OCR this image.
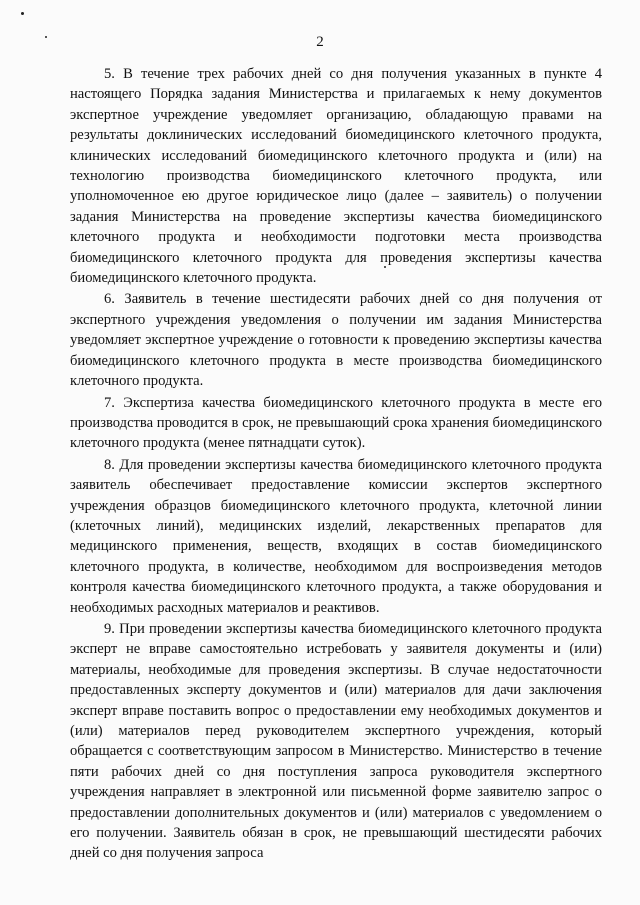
2

5. В течение трех рабочих дней со дня получения указанных в пункте 4 настоящего Порядка задания Министерства и прилагаемых к нему документов экспертное учреждение уведомляет организацию, обладающую правами на результаты доклинических исследований биомедицинского клеточного продукта, клинических исследований биомедицинского клеточного продукта и (или) на технологию производства биомедицинского клеточного продукта, или уполномоченное ею другое юридическое лицо (далее – заявитель) о получении задания Министерства на проведение экспертизы качества биомедицинского клеточного продукта и необходимости подготовки места производства биомедицинского клеточного продукта для проведения экспертизы качества биомедицинского клеточного продукта.

6. Заявитель в течение шестидесяти рабочих дней со дня получения от экспертного учреждения уведомления о получении им задания Министерства уведомляет экспертное учреждение о готовности к проведению экспертизы качества биомедицинского клеточного продукта в месте производства биомедицинского клеточного продукта.

7. Экспертиза качества биомедицинского клеточного продукта в месте его производства проводится в срок, не превышающий срока хранения биомедицинского клеточного продукта (менее пятнадцати суток).

8. Для проведении экспертизы качества биомедицинского клеточного продукта заявитель обеспечивает предоставление комиссии экспертов экспертного учреждения образцов биомедицинского клеточного продукта, клеточной линии (клеточных линий), медицинских изделий, лекарственных препаратов для медицинского применения, веществ, входящих в состав биомедицинского клеточного продукта, в количестве, необходимом для воспроизведения методов контроля качества биомедицинского клеточного продукта, а также оборудования и необходимых расходных материалов и реактивов.

9. При проведении экспертизы качества биомедицинского клеточного продукта эксперт не вправе самостоятельно истребовать у заявителя документы и (или) материалы, необходимые для проведения экспертизы. В случае недостаточности предоставленных эксперту документов и (или) материалов для дачи заключения эксперт вправе поставить вопрос о предоставлении ему необходимых документов и (или) материалов перед руководителем экспертного учреждения, который обращается с соответствующим запросом в Министерство. Министерство в течение пяти рабочих дней со дня поступления запроса руководителя экспертного учреждения направляет в электронной или письменной форме заявителю запрос о предоставлении дополнительных документов и (или) материалов с уведомлением о его получении. Заявитель обязан в срок, не превышающий шестидесяти рабочих дней со дня получения запроса
